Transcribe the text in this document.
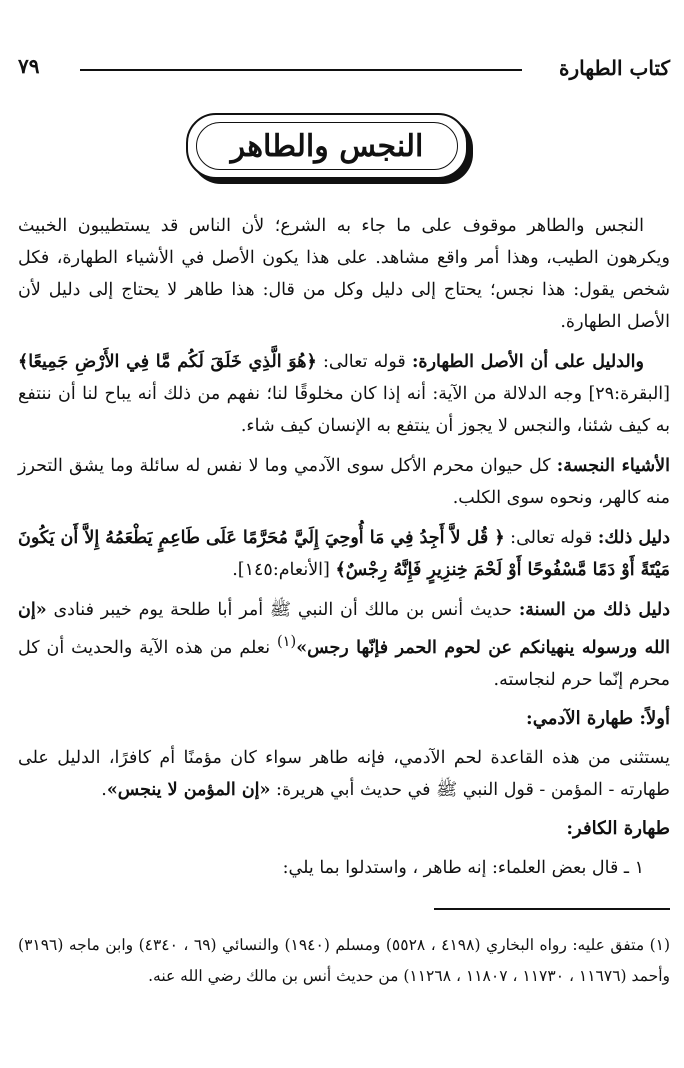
كتاب الطهارة
٧٩
النجس والطاهر

النجس والطاهر موقوف على ما جاء به الشرع؛ لأن الناس قد يستطيبون الخبيث ويكرهون الطيب، وهذا أمر واقع مشاهد. على هذا يكون الأصل في الأشياء الطهارة، فكل شخص يقول: هذا نجس؛ يحتاج إلى دليل وكل من قال: هذا طاهر لا يحتاج إلى دليل لأن الأصل الطهارة.

والدليل على أن الأصل الطهارة: قوله تعالى: ﴿هُوَ الَّذِي خَلَقَ لَكُم مَّا فِي الأَرْضِ جَمِيعًا﴾ [البقرة:٢٩] وجه الدلالة من الآية: أنه إذا كان مخلوقًا لنا؛ نفهم من ذلك أنه يباح لنا أن ننتفع به كيف شئنا، والنجس لا يجوز أن ينتفع به الإنسان كيف شاء.

الأشياء النجسة: كل حيوان محرم الأكل سوى الآدمي وما لا نفس له سائلة وما يشق التحرز منه كالهر، ونحوه سوى الكلب.

دليل ذلك: قوله تعالى: ﴿ قُل لاَّ أَجِدُ فِي مَا أُوحِيَ إِلَيَّ مُحَرَّمًا عَلَى طَاعِمٍ يَطْعَمُهُ إِلاَّ أَن يَكُونَ مَيْتَةً أَوْ دَمًا مَّسْفُوحًا أَوْ لَحْمَ خِنزِيرٍ فَإِنَّهُ رِجْسٌ﴾ [الأنعام:١٤٥].

دليل ذلك من السنة: حديث أنس بن مالك أن النبي ﷺ أمر أبا طلحة يوم خيبر فنادى «إن الله ورسوله ينهيانكم عن لحوم الحمر فإنّها رجس»$^{(١)}$ نعلم من هذه الآية والحديث أن كل محرم إنّما حرم لنجاسته.

أولاً: طهارة الآدمي:

يستثنى من هذه القاعدة لحم الآدمي، فإنه طاهر سواء كان مؤمنًا أم كافرًا، الدليل على طهارته - المؤمن - قول النبي ﷺ في حديث أبي هريرة: «إن المؤمن لا ينجس».

طهارة الكافر:

١ ـ قال بعض العلماء: إنه طاهر ، واستدلوا بما يلي:

(١) متفق عليه: رواه البخاري (٤١٩٨ ، ٥٥٢٨) ومسلم (١٩٤٠) والنسائي (٦٩ ، ٤٣٤٠) وابن ماجه (٣١٩٦) وأحمد (١١٦٧٦ ، ١١٧٣٠ ، ١١٨٠٧ ، ١١٢٦٨) من حديث أنس بن مالك رضي الله عنه.
